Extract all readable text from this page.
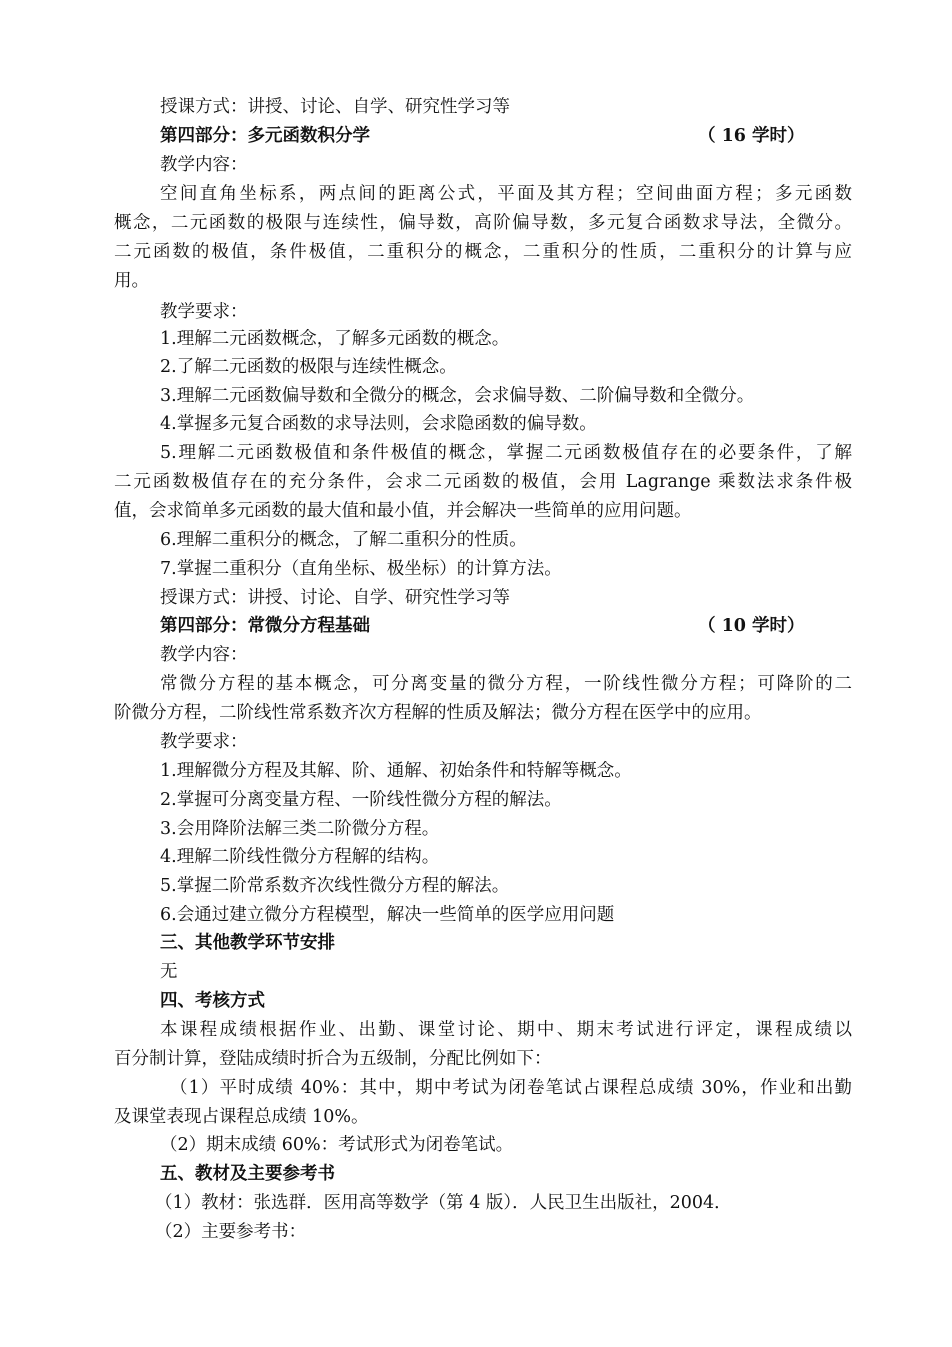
授课方式：讲授、讨论、自学、研究性学习等
第四部分：多元函数积分学	（ 16 学时）
教学内容：
空间直角坐标系，两点间的距离公式，平面及其方程；空间曲面方程；多元函数
概念，二元函数的极限与连续性，偏导数，高阶偏导数，多元复合函数求导法，全微分。
二元函数的极值，条件极值，二重积分的概念，二重积分的性质，二重积分的计算与应
用。
教学要求：
1.理解二元函数概念，了解多元函数的概念。
2.了解二元函数的极限与连续性概念。
3.理解二元函数偏导数和全微分的概念，会求偏导数、二阶偏导数和全微分。
4.掌握多元复合函数的求导法则，会求隐函数的偏导数。
5.理解二元函数极值和条件极值的概念，掌握二元函数极值存在的必要条件，了解
二元函数极值存在的充分条件，会求二元函数的极值，会用 Lagrange 乘数法求条件极
值，会求简单多元函数的最大值和最小值，并会解决一些简单的应用问题。
6.理解二重积分的概念，了解二重积分的性质。
7.掌握二重积分（直角坐标、极坐标）的计算方法。
授课方式：讲授、讨论、自学、研究性学习等
第四部分：常微分方程基础	（ 10 学时）
教学内容：
常微分方程的基本概念，可分离变量的微分方程，一阶线性微分方程；可降阶的二
阶微分方程，二阶线性常系数齐次方程解的性质及解法；微分方程在医学中的应用。
教学要求：
1.理解微分方程及其解、阶、通解、初始条件和特解等概念。
2.掌握可分离变量方程、一阶线性微分方程的解法。
3.会用降阶法解三类二阶微分方程。
4.理解二阶线性微分方程解的结构。
5.掌握二阶常系数齐次线性微分方程的解法。
6.会通过建立微分方程模型，解决一些简单的医学应用问题
三、其他教学环节安排
无
四、考核方式
本课程成绩根据作业、出勤、课堂讨论、期中、期末考试进行评定，课程成绩以
百分制计算，登陆成绩时折合为五级制，分配比例如下：
（1）平时成绩 40%：其中，期中考试为闭卷笔试占课程总成绩 30%，作业和出勤
及课堂表现占课程总成绩 10%。
（2）期末成绩 60%：考试形式为闭卷笔试。
五、教材及主要参考书
（1）教材：张选群．医用高等数学（第 4 版）．人民卫生出版社，2004．
（2）主要参考书：
